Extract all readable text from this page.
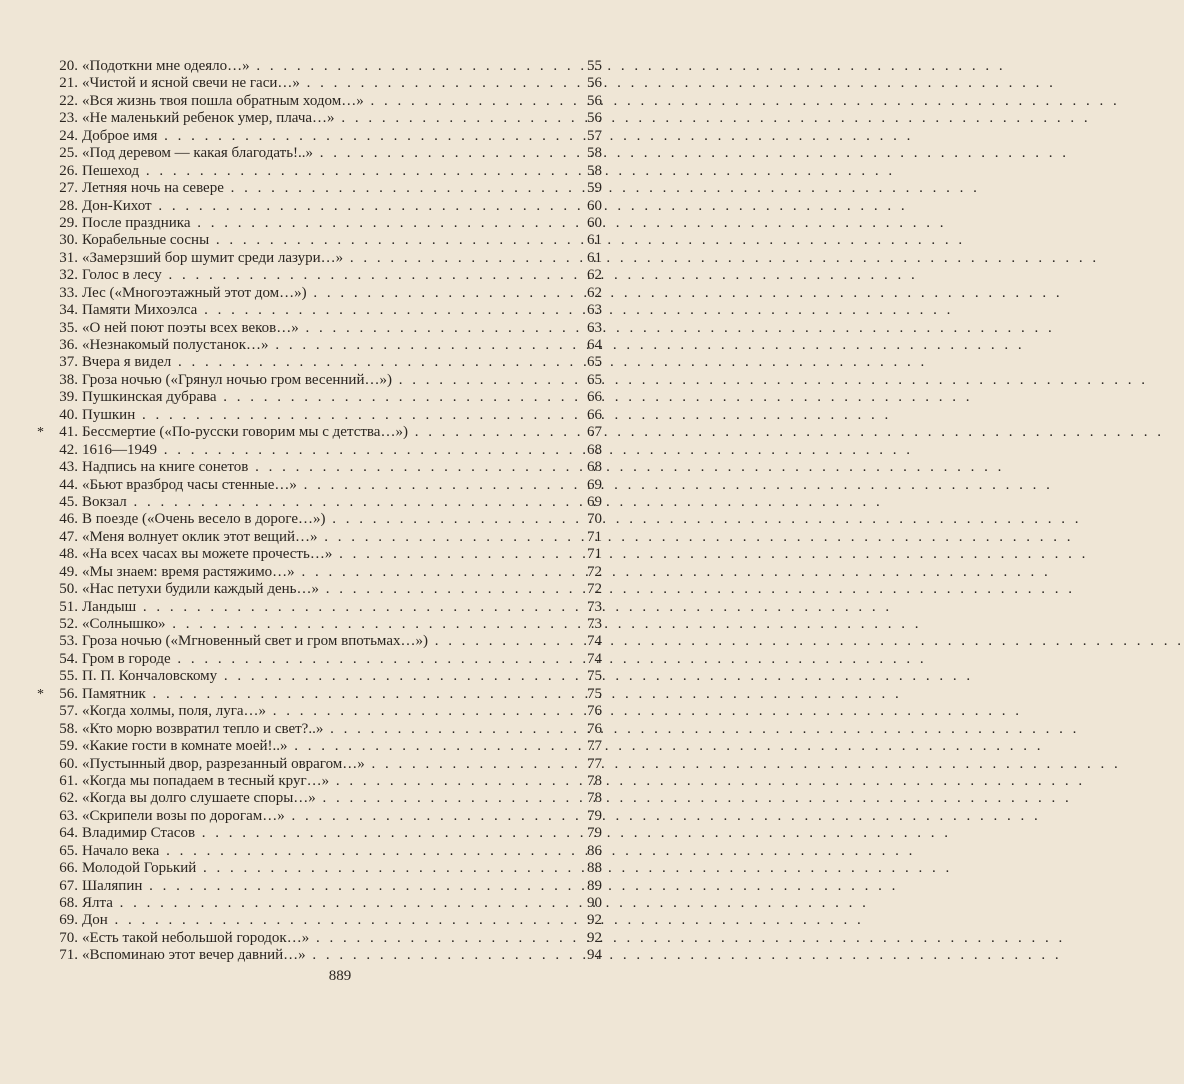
20. «Подоткни мне одеяло…» . . .	55
21. «Чистой и ясной свечи не гаси…» . . .	56
22. «Вся жизнь твоя пошла обратным ходом…» . . .	56
23. «Не маленький ребенок умер, плача…» . . .	56
24. Доброе имя . . .	57
25. «Под деревом — какая благодать!..» . . .	58
26. Пешеход . . .	58
27. Летняя ночь на севере . . .	59
28. Дон-Кихот . . .	60
29. После праздника . . .	60
30. Корабельные сосны . . .	61
31. «Замерзший бор шумит среди лазури…» . . .	61
32. Голос в лесу . . .	62
33. Лес («Многоэтажный этот дом…») . . .	62
34. Памяти Михоэлса . . .	63
35. «О ней поют поэты всех веков…» . . .	63
36. «Незнакомый полустанок…» . . .	64
37. Вчера я видел . . .	65
38. Гроза ночью («Грянул ночью гром весенний…») . . .	65
39. Пушкинская дубрава . . .	66
40. Пушкин . . .	66
*	41. Бессмертие («По-русски говорим мы с детства…») . . .	67
42. 1616—1949 . . .	68
43. Надпись на книге сонетов . . .	68
44. «Бьют вразброд часы стенные…» . . .	69
45. Вокзал . . .	69
46. В поезде («Очень весело в дороге…») . . .	70
47. «Меня волнует оклик этот вещий…» . . .	71
48. «На всех часах вы можете прочесть…» . . .	71
49. «Мы знаем: время растяжимо…» . . .	72
50. «Нас петухи будили каждый день…» . . .	72
51. Ландыш . . .	73
52. «Солнышко» . . .	73
53. Гроза ночью («Мгновенный свет и гром впотьмах…») . . .	74
54. Гром в городе . . .	74
55. П. П. Кончаловскому . . .	75
*	56. Памятник . . .	75
57. «Когда холмы, поля, луга…» . . .	76
58. «Кто морю возвратил тепло и свет?..» . . .	76
59. «Какие гости в комнате моей!..» . . .	77
60. «Пустынный двор, разрезанный оврагом…» . . .	77
61. «Когда мы попадаем в тесный круг…» . . .	78
62. «Когда вы долго слушаете споры…» . . .	78
63. «Скрипели возы по дорогам…» . . .	79
64. Владимир Стасов . . .	79
65. Начало века . . .	86
66. Молодой Горький . . .	88
67. Шаляпин . . .	89
68. Ялта . . .	90
69. Дон . . .	92
70. «Есть такой небольшой городок…» . . .	92
71. «Вспоминаю этот вечер давний…» . . .	94
889
